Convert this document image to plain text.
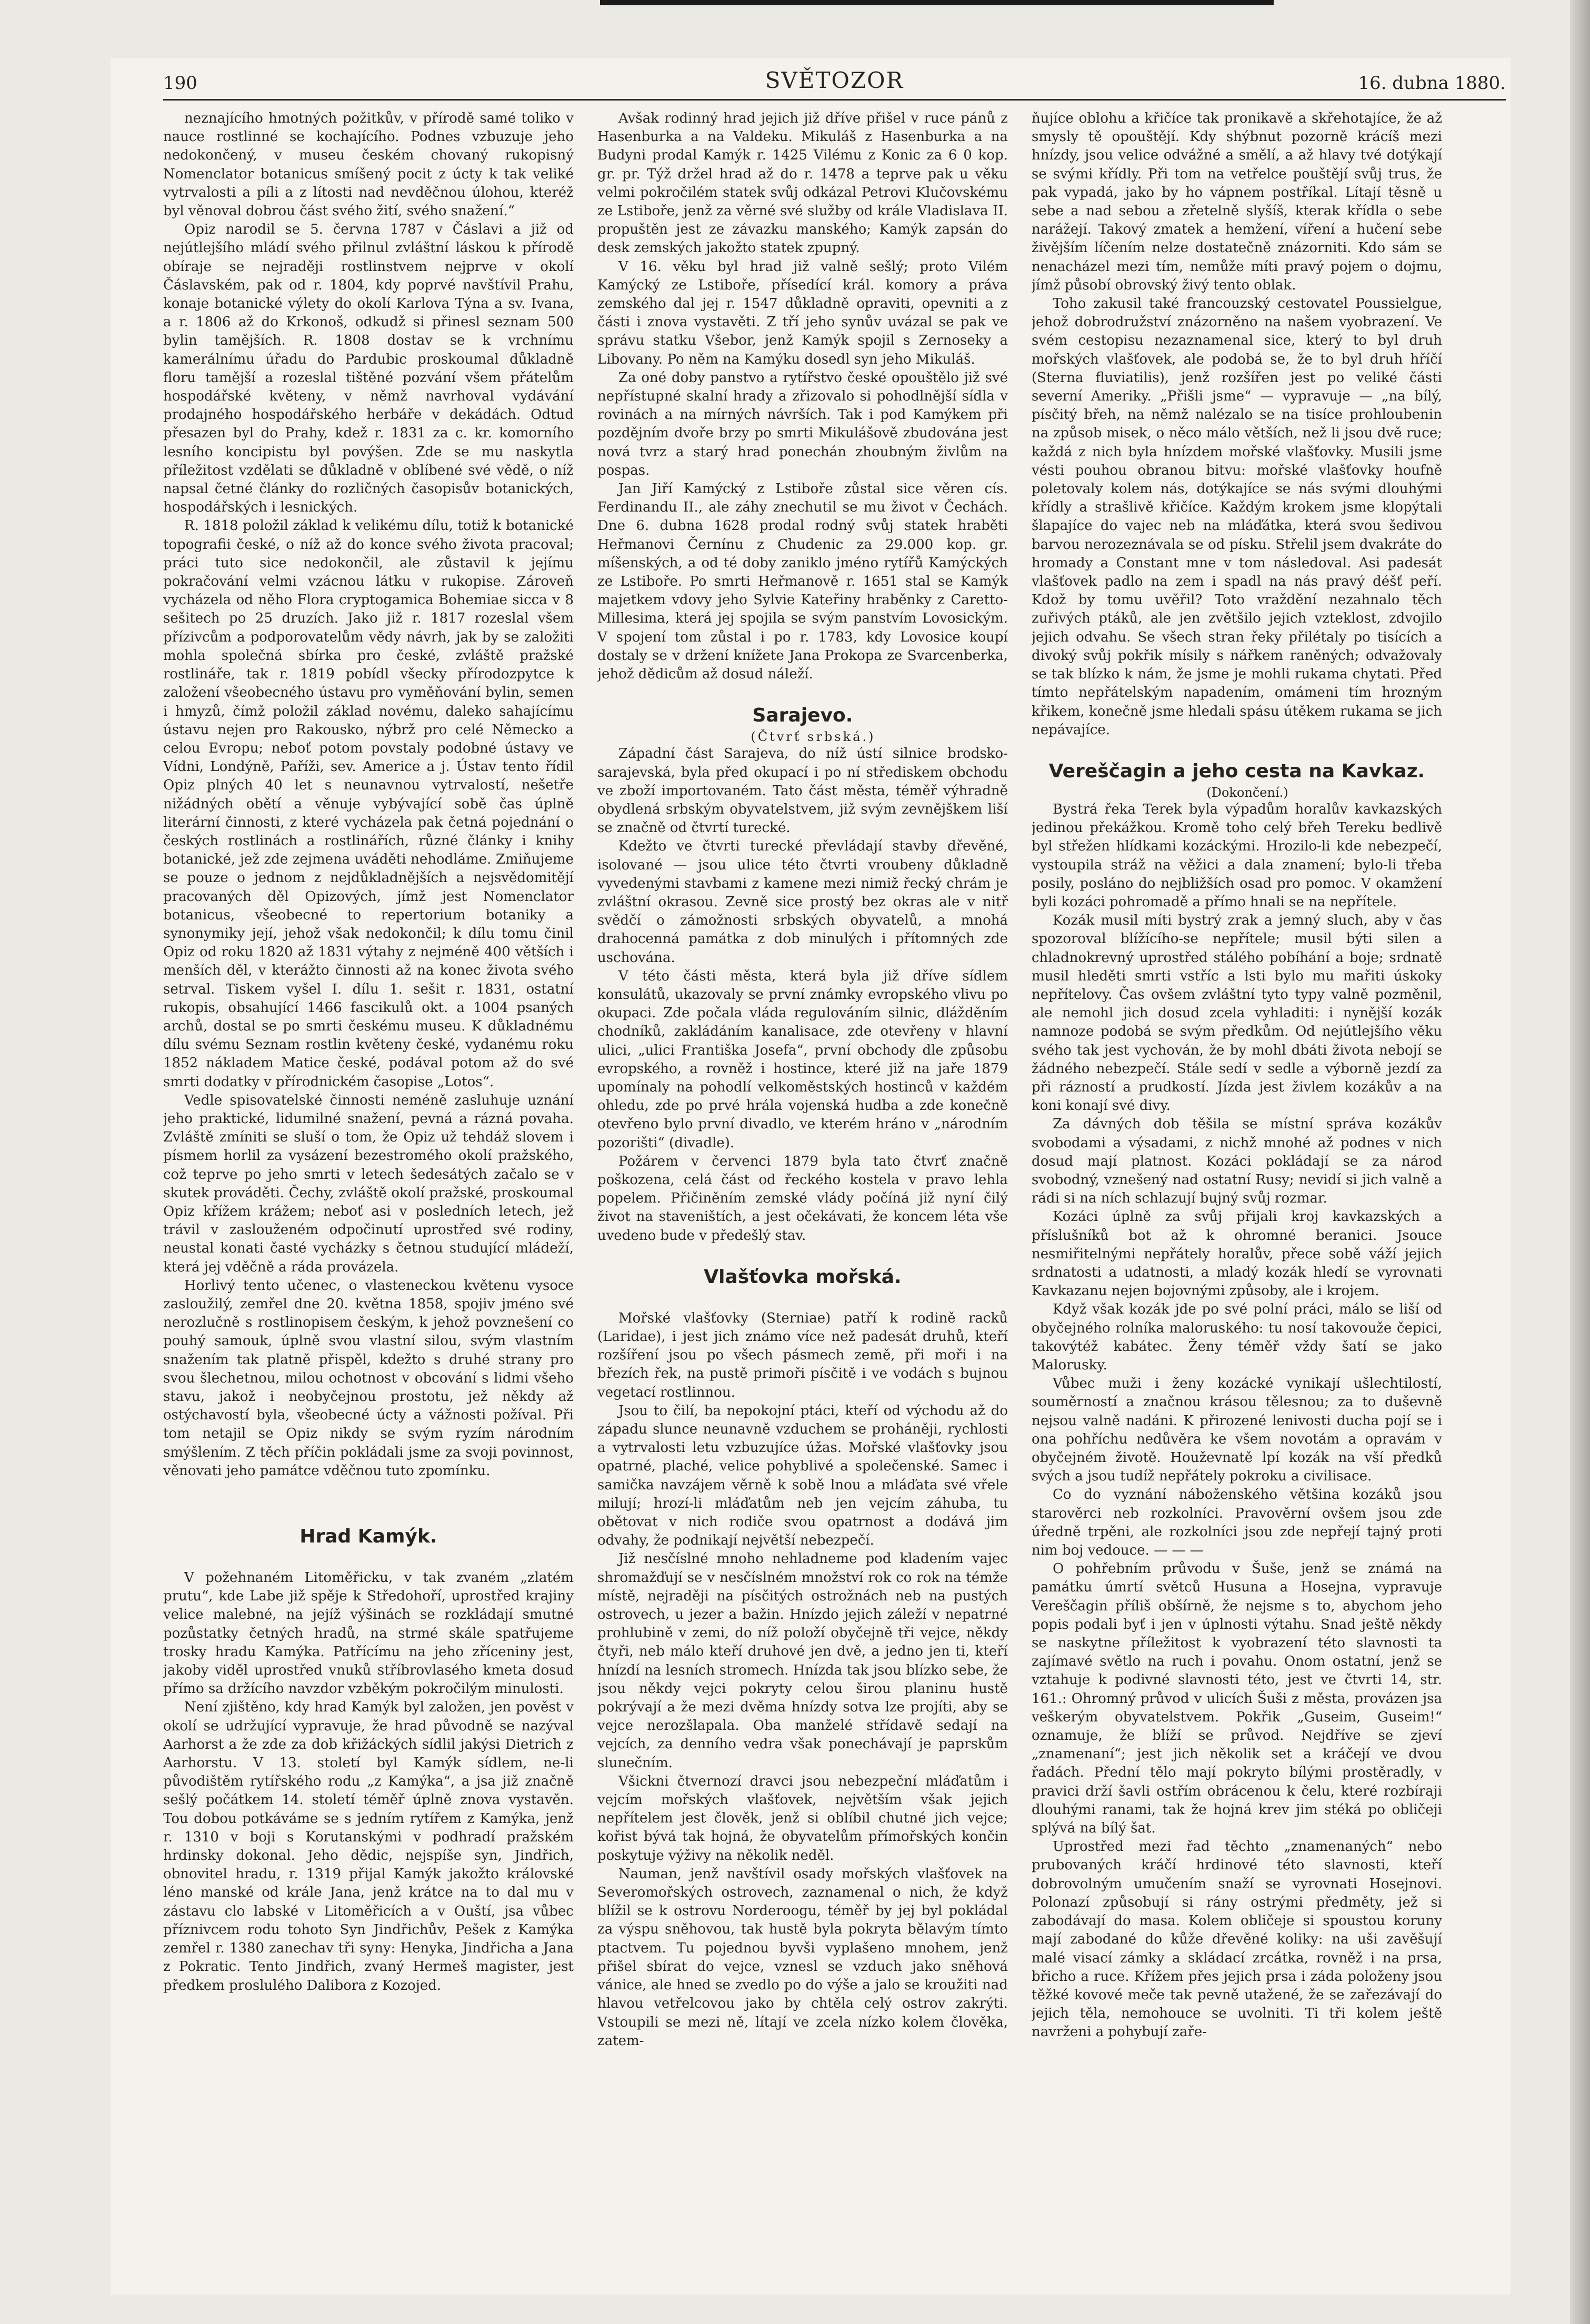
190	SVĚTOZOR	16. dubna 1880.

neznajícího hmotných požitkův, v přírodě samé toliko v nauce rostlinné se kochajícího. Podnes vzbuzuje jeho nedokončený, v museu českém chovaný rukopisný Nomenclator botanicus smíšený pocit z úcty k tak veliké vytrvalosti a píli a z lítosti nad nevděčnou úlohou, kteréž byl věnoval dobrou část svého žití, svého snažení.“

Opiz narodil se 5. června 1787 v Čáslavi a již od nejútlejšího mládí svého přilnul zvláštní láskou k přírodě obíraje se nejraději rostlinstvem nejprve v okolí Čáslavském, pak od r. 1804, kdy poprvé navštívil Prahu, konaje botanické výlety do okolí Karlova Týna a sv. Ivana, a r. 1806 až do Krkonoš, odkudž si přinesl seznam 500 bylin tamějších. R. 1808 dostav se k vrchnímu kamerálnímu úřadu do Pardubic proskoumal důkladně floru tamější a rozeslal tištěné pozvání všem přátelům hospodářské květeny, v němž navrhoval vydávání prodajného hospodářského herbáře v dekádách. Odtud přesazen byl do Prahy, kdež r. 1831 za c. kr. komorního lesního koncipistu byl povýšen. Zde se mu naskytla příležitost vzdělati se důkladně v oblíbené své vědě, o níž napsal četné články do rozličných časopisův botanických, hospodářských i lesnických.

R. 1818 položil základ k velikému dílu, totiž k botanické topografii české, o níž až do konce svého života pracoval; práci tuto sice nedokončil, ale zůstavil k jejímu pokračování velmi vzácnou látku v rukopise. Zároveň vycházela od něho Flora cryptogamica Bohemiae sicca v 8 sešitech po 25 druzích. Jako již r. 1817 rozeslal všem přízivcům a podporovatelům vědy návrh, jak by se založiti mohla společná sbírka pro české, zvláště pražské rostlináře, tak r. 1819 pobídl všecky přírodozpytce k založení všeobecného ústavu pro vyměňování bylin, semen i hmyzů, čímž položil základ novému, daleko sahajícímu ústavu nejen pro Rakousko, nýbrž pro celé Německo a celou Evropu; neboť potom povstaly podobné ústavy ve Vídni, Londýně, Paříži, sev. Americe a j. Ústav tento řídil Opiz plných 40 let s neunavnou vytrvalostí, nešetře nižádných obětí a věnuje vybývající sobě čas úplně literární činnosti, z které vycházela pak četná pojednání o českých rostlinách a rostlinářích, různé články i knihy botanické, jež zde zejmena uváděti nehodláme. Zmiňujeme se pouze o jednom z nejdůkladnějších a nejsvědomitějí pracovaných děl Opizových, jímž jest Nomenclator botanicus, všeobecné to repertorium botaniky a synonymiky její, jehož však nedokončil; k dílu tomu činil Opiz od roku 1820 až 1831 výtahy z nejméně 400 větších i menších děl, v kterážto činnosti až na konec života svého setrval. Tiskem vyšel I. dílu 1. sešit r. 1831, ostatní rukopis, obsahující 1466 fascikulů okt. a 1004 psaných archů, dostal se po smrti českému museu. K důkladnému dílu svému Seznam rostlin květeny české, vydanému roku 1852 nákladem Matice české, podával potom až do své smrti dodatky v přírodnickém časopise „Lotos“.

Vedle spisovatelské činnosti neméně zasluhuje uznání jeho praktické, lidumilné snažení, pevná a rázná povaha. Zvláště zmíniti se sluší o tom, že Opiz už tehdáž slovem i písmem horlil za vysázení bezestromého okolí pražského, což teprve po jeho smrti v letech šedesátých začalo se v skutek prováděti. Čechy, zvláště okolí pražské, proskoumal Opiz křížem krážem; neboť asi v posledních letech, jež trávil v zaslouženém odpočinutí uprostřed své rodiny, neustal konati časté vycházky s četnou studující mládeží, která jej vděčně a ráda provázela.

Horlivý tento učenec, o vlasteneckou květenu vysoce zasloužilý, zemřel dne 20. května 1858, spojiv jméno své nerozlučně s rostlinopisem českým, k jehož povznešení co pouhý samouk, úplně svou vlastní silou, svým vlastním snažením tak platně přispěl, kdežto s druhé strany pro svou šlechetnou, milou ochotnost v obcování s lidmi všeho stavu, jakož i neobyčejnou prostotu, jež někdy až ostýchavostí byla, všeobecné úcty a vážnosti požíval. Při tom netajil se Opiz nikdy se svým ryzím národním smýšlením. Z těch příčin pokládali jsme za svoji povinnost, věnovati jeho památce vděčnou tuto zpomínku.

Hrad Kamýk.

V požehnaném Litoměřicku, v tak zvaném „zlatém prutu“, kde Labe již spěje k Středohoří, uprostřed krajiny velice malebné, na jejíž výšinách se rozkládají smutné pozůstatky četných hradů, na strmé skále spatřujeme trosky hradu Kamýka. Patřícímu na jeho zříceniny jest, jakoby viděl uprostřed vnuků stříbrovlasého kmeta dosud přímo sa držícího navzdor vzběkým pokročilým minulosti.

Není zjištěno, kdy hrad Kamýk byl založen, jen pověst v okolí se udržující vypravuje, že hrad původně se nazýval Aarhorst a že zde za dob křižáckých sídlil jakýsi Dietrich z Aarhorstu. V 13. století byl Kamýk sídlem, ne-li původištěm rytířského rodu „z Kamýka“, a jsa již značně sešlý počátkem 14. století téměř úplně znova vystavěn. Tou dobou potkáváme se s jedním rytířem z Kamýka, jenž r. 1310 v boji s Korutanskými v podhradí pražském hrdinsky dokonal. Jeho dědic, nejspíše syn, Jindřich, obnovitel hradu, r. 1319 přijal Kamýk jakožto královské léno manské od krále Jana, jenž krátce na to dal mu v zástavu clo labské v Litoměřicích a v Ouští, jsa vůbec příznivcem rodu tohoto Syn Jindřichův, Pešek z Kamýka zemřel r. 1380 zanechav tři syny: Henyka, Jindřicha a Jana z Pokratic. Tento Jindřich, zvaný Hermeš magister, jest předkem proslulého Dalibora z Kozojed.

Avšak rodinný hrad jejich již dříve přišel v ruce pánů z Hasenburka a na Valdeku. Mikuláš z Hasenburka a na Budyni prodal Kamýk r. 1425 Vilému z Konic za 6 0 kop. gr. pr. Týž držel hrad až do r. 1478 a teprve pak u věku velmi pokročilém statek svůj odkázal Petrovi Klučovskému ze Lstiboře, jenž za věrné své služby od krále Vladislava II. propuštěn jest ze závazku manského; Kamýk zapsán do desk zemských jakožto statek zpupný.

V 16. věku byl hrad již valně sešlý; proto Vilém Kamýcký ze Lstiboře, přísedící král. komory a práva zemského dal jej r. 1547 důkladně opraviti, opevniti a z části i znova vystavěti. Z tří jeho synův uvázal se pak ve správu statku Všebor, jenž Kamýk spojil s Zernoseky a Libovany. Po něm na Kamýku dosedl syn jeho Mikuláš.

Za oné doby panstvo a rytířstvo české opouštělo již své nepřístupné skalní hrady a zřizovalo si pohodlnější sídla v rovinách a na mírných návrších. Tak i pod Kamýkem při pozdějním dvoře brzy po smrti Mikulášově zbudována jest nová tvrz a starý hrad ponechán zhoubným živlům na pospas.

Jan Jiří Kamýcký z Lstiboře zůstal sice věren cís. Ferdinandu II., ale záhy znechutil se mu život v Čechách. Dne 6. dubna 1628 prodal rodný svůj statek hraběti Heřmanovi Černínu z Chudenic za 29.000 kop. gr. míšenských, a od té doby zaniklo jméno rytířů Kamýckých ze Lstiboře. Po smrti Heřmanově r. 1651 stal se Kamýk majetkem vdovy jeho Sylvie Kateřiny hraběnky z Caretto-Millesima, která jej spojila se svým panstvím Lovosickým. V spojení tom zůstal i po r. 1783, kdy Lovosice koupí dostaly se v držení knížete Jana Prokopa ze Svarcenberka, jehož dědicům až dosud náleží.

Sarajevo.

(Čtvrť srbská.)

Západní část Sarajeva, do níž ústí silnice brodsko-sarajevská, byla před okupací i po ní střediskem obchodu ve zboží importovaném. Tato část města, téměř výhradně obydlená srbským obyvatelstvem, již svým zevnějškem liší se značně od čtvrtí turecké.

Kdežto ve čtvrti turecké převládají stavby dřevěné, isolované — jsou ulice této čtvrti vroubeny důkladně vyvedenými stavbami z kamene mezi nimiž řecký chrám je zvláštní okrasou. Zevně sice prostý bez okras ale v nitř svědčí o zámožnosti srbských obyvatelů, a mnohá drahocenná památka z dob minulých i přítomných zde uschována.

V této části města, která byla již dříve sídlem konsulátů, ukazovaly se první známky evropského vlivu po okupaci. Zde počala vláda regulováním silnic, dlážděním chodníků, zakládáním kanalisace, zde otevřeny v hlavní ulici, „ulici Františka Josefa“, první obchody dle způsobu evropského, a rovněž i hostince, které již na jaře 1879 upomínaly na pohodlí velkoměstských hostinců v každém ohledu, zde po prvé hrála vojenská hudba a zde konečně otevřeno bylo první divadlo, ve kterém hráno v „národním pozorišti“ (divadle).

Požárem v červenci 1879 byla tato čtvrť značně poškozena, celá část od řeckého kostela v pravo lehla popelem. Přičiněním zemské vlády počíná již nyní čilý život na staveništích, a jest očekávati, že koncem léta vše uvedeno bude v předešlý stav.

Vlašťovka mořská.

Mořské vlašťovky (Sterniae) patří k rodině racků (Laridae), i jest jich známo více než padesát druhů, kteří rozšíření jsou po všech pásmech země, při moři i na březích řek, na pustě primoři písčitě i ve vodách s bujnou vegetací rostlinnou.

Jsou to čilí, ba nepokojní ptáci, kteří od východu až do západu slunce neunavně vzduchem se proháněji, rychlosti a vytrvalosti letu vzbuzujíce úžas. Mořské vlašťovky jsou opatrné, plaché, velice pohyblivé a společenské. Samec i samička navzájem věrně k sobě lnou a mláďata své vřele milují; hrozí-li mláďatům neb jen vejcím záhuba, tu obětovat v nich rodiče svou opatrnost a dodává jim odvahy, že podnikají největší nebezpečí.

Již nesčíslné mnoho nehladneme pod kladením vajec shromažďují se v nesčíslném množství rok co rok na témže místě, nejraději na písčitých ostrožnách neb na pustých ostrovech, u jezer a bažin. Hnízdo jejich záleží v nepatrné prohlubině v zemi, do níž položí obyčejně tři vejce, někdy čtyři, neb málo kteří druhové jen dvě, a jedno jen ti, kteří hnízdí na lesních stromech. Hnízda tak jsou blízko sebe, že jsou někdy vejci pokryty celou širou planinu hustě pokrývají a že mezi dvěma hnízdy sotva lze projíti, aby se vejce nerozšlapala. Oba manželé střídavě sedají na vejcích, za denního vedra však ponechávají je paprskům slunečním.

Všickni čtvernozí dravci jsou nebezpeční mláďatům i vejcím mořských vlašťovek, největším však jejich nepřítelem jest člověk, jenž si oblíbil chutné jich vejce; kořist bývá tak hojná, že obyvatelům přímořských končin poskytuje výživy na několik neděl.

Nauman, jenž navštívil osady mořských vlašťovek na Severomořských ostrovech, zaznamenal o nich, že když blížil se k ostrovu Norderoogu, téměř by jej byl pokládal za výspu sněhovou, tak hustě byla pokryta bělavým tímto ptactvem. Tu pojednou byvši vyplašeno mnohem, jenž přišel sbírat do vejce, vznesl se vzduch jako sněhová vánice, ale hned se zvedlo po do výše a jalo se kroužiti nad hlavou vetřelcovou jako by chtěla celý ostrov zakrýti. Vstoupili se mezi ně, lítají ve zcela nízko kolem člověka, zatem-

ňujíce oblohu a křičíce tak pronikavě a skřehotajíce, že až smysly tě opouštějí. Kdy shýbnut pozorně krácíš mezi hnízdy, jsou velice odvážné a smělí, a až hlavy tvé dotýkají se svými křídly. Při tom na vetřelce pouštějí svůj trus, že pak vypadá, jako by ho vápnem postříkal. Lítají těsně u sebe a nad sebou a zřetelně slyšíš, kterak křídla o sebe narážejí. Takový zmatek a hemžení, víření a hučení sebe živějším líčením nelze dostatečně znázorniti. Kdo sám se nenacházel mezi tím, nemůže míti pravý pojem o dojmu, jímž působí obrovský živý tento oblak.

Toho zakusil také francouzský cestovatel Poussielgue, jehož dobrodružství znázorněno na našem vyobrazení. Ve svém cestopisu nezaznamenal sice, který to byl druh mořských vlašťovek, ale podobá se, že to byl druh hříčí (Sterna fluviatilis), jenž rozšířen jest po veliké části severní Ameriky. „Přišli jsme“ — vypravuje — „na bílý, písčitý břeh, na němž nalézalo se na tisíce prohloubenin na způsob misek, o něco málo větších, než li jsou dvě ruce; každá z nich byla hnízdem mořské vlašťovky. Musili jsme vésti pouhou obranou bitvu: mořské vlašťovky houfně poletovaly kolem nás, dotýkajíce se nás svými dlouhými křídly a strašlivě křičíce. Každým krokem jsme klopýtali šlapajíce do vajec neb na mláďátka, která svou šedivou barvou nerozeznávala se od písku. Střelil jsem dvakráte do hromady a Constant mne v tom následoval. Asi padesát vlašťovek padlo na zem i spadl na nás pravý déšť peří. Kdož by tomu uvěřil? Toto vraždění nezahnalo těch zuřivých ptáků, ale jen zvětšilo jejich vzteklost, zdvojilo jejich odvahu. Se všech stran řeky přilétaly po tisících a divoký svůj pokřik mísily s nářkem raněných; odvažovaly se tak blízko k nám, že jsme je mohli rukama chytati. Před tímto nepřátelským napadením, omámeni tím hrozným křikem, konečně jsme hledali spásu útěkem rukama se jich nepávajíce.

Vereščagin a jeho cesta na Kavkaz.

(Dokončení.)

Bystrá řeka Terek byla výpadům horalův kavkazských jedinou překážkou. Kromě toho celý břeh Tereku bedlivě byl střežen hlídkami kozáckými. Hrozilo-li kde nebezpečí, vystoupila stráž na věžici a dala znamení; bylo-li třeba posily, posláno do nejbližších osad pro pomoc. V okamžení byli kozáci pohromadě a přímo hnali se na nepřítele.

Kozák musil míti bystrý zrak a jemný sluch, aby v čas spozoroval blížícího-se nepřítele; musil býti silen a chladnokrevný uprostřed stálého pobíhání a boje; srdnatě musil hleděti smrti vstříc a lsti bylo mu mařiti úskoky nepřítelovy. Čas ovšem zvláštní tyto typy valně pozměnil, ale nemohl jich dosud zcela vyhladiti: i nynější kozák namnoze podobá se svým předkům. Od nejútlejšího věku svého tak jest vychován, že by mohl dbáti života nebojí se žádného nebezpečí. Stále sedí v sedle a výborně jezdí za při rázností a prudkostí. Jízda jest živlem kozákův a na koni konají své divy.

Za dávných dob těšila se místní správa kozákův svobodami a výsadami, z nichž mnohé až podnes v nich dosud mají platnost. Kozáci pokládají se za národ svobodný, vznešený nad ostatní Rusy; nevidí si jich valně a rádi si na ních schlazují bujný svůj rozmar.

Kozáci úplně za svůj přijali kroj kavkazských a příslušníků bot až k ohromné beranici. Jsouce nesmiřitelnými nepřátely horalův, přece sobě váží jejich srdnatosti a udatnosti, a mladý kozák hledí se vyrovnati Kavkazanu nejen bojovnými způsoby, ale i krojem.

Když však kozák jde po své polní práci, málo se liší od obyčejného rolníka maloruského: tu nosí takovouže čepici, takovýtéž kabátec. Ženy téměř vždy šatí se jako Malorusky.

Vůbec muži i ženy kozácké vynikají ušlechtilostí, souměrností a značnou krásou tělesnou; za to duševně nejsou valně nadáni. K přirozené lenivosti ducha pojí se i ona pohříchu nedůvěra ke všem novotám a opravám v obyčejném životě. Houževnatě lpí kozák na vší předků svých a jsou tudíž nepřátely pokroku a civilisace.

Co do vyznání náboženského většina kozáků jsou starověrci neb rozkolníci. Pravověrní ovšem jsou zde úředně trpěni, ale rozkolníci jsou zde nepřejí tajný proti nim boj vedouce. — — —

O pohřebním průvodu v Šuše, jenž se známá na památku úmrtí světců Husuna a Hosejna, vypravuje Vereščagin příliš obšírně, že nejsme s to, abychom jeho popis podali byť i jen v úplnosti výtahu. Snad ještě někdy se naskytne příležitost k vyobrazení této slavnosti ta zajímavé světlo na ruch i povahu. Onom ostatní, jenž se vztahuje k podivné slavnosti této, jest ve čtvrti 14, str. 161.: Ohromný průvod v ulicích Šuši z města, provázen jsa veškerým obyvatelstvem. Pokřik „Guseim, Guseim!“ oznamuje, že blíží se průvod. Nejdříve se zjeví „znamenaní“; jest jich několik set a kráčejí ve dvou řadách. Přední tělo mají pokryto bílými prostěradly, v pravici drží šavli ostřím obrácenou k čelu, které rozbíraji dlouhými ranami, tak že hojná krev jim stéká po obličeji splývá na bílý šat.

Uprostřed mezi řad těchto „znamenaných“ nebo prubovaných kráčí hrdinové této slavnosti, kteří dobrovolným umučením snaží se vyrovnati Hosejnovi. Polonazí způsobují si rány ostrými předměty, jež si zabodávají do masa. Kolem obličeje si spoustou koruny mají zabodané do kůže dřevěné koliky: na uši zavěšují malé visací zámky a skládací zrcátka, rovněž i na prsa, břicho a ruce. Křížem přes jejich prsa i záda položeny jsou těžké kovové meče tak pevně utažené, že se zařezávají do jejich těla, nemohouce se uvolniti. Ti tři kolem ještě navrženi a pohybují zaře-
